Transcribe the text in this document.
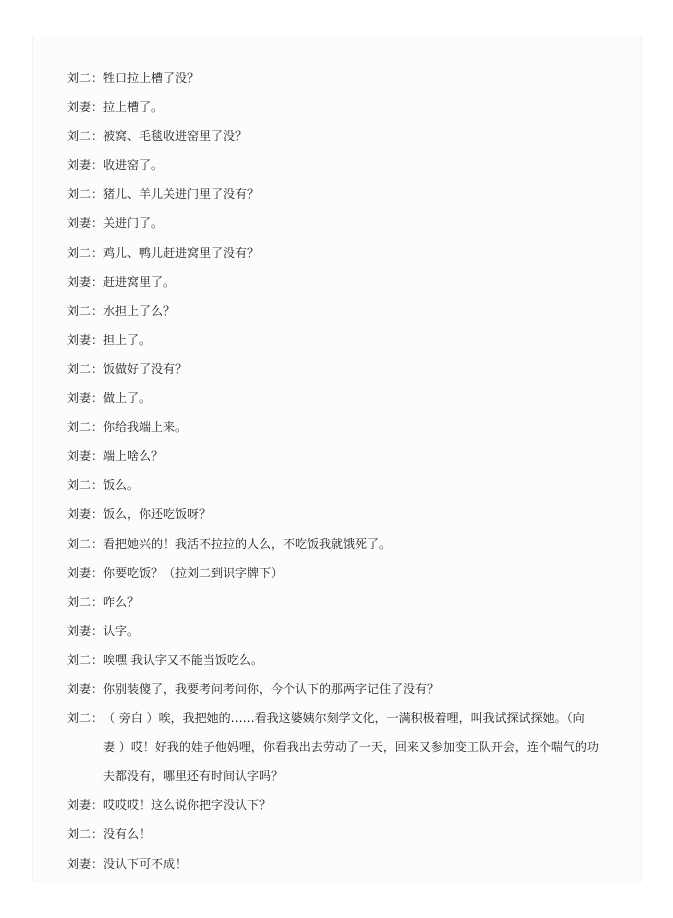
刘二： 牲口拉上槽了没？
刘妻： 拉上槽了。
刘二： 被窝、毛毯收进窑里了没？
刘妻： 收进窑了。
刘二： 猪儿、羊儿关进门里了没有？
刘妻： 关进门了。
刘二： 鸡儿、鸭儿赶进窝里了没有？
刘妻： 赶进窝里了。
刘二： 水担上了么？
刘妻： 担上了。
刘二： 饭做好了没有？
刘妻： 做上了。
刘二： 你给我端上来。
刘妻： 端上啥么？
刘二： 饭么。
刘妻： 饭么，你还吃饭呀？
刘二： 看把她兴的！我活不拉拉的人么，不吃饭我就饿死了。
刘妻： 你要吃饭？（拉刘二到识字牌下）
刘二： 咋么？
刘妻： 认字。
刘二： 唉嘿 我认字又不能当饭吃么。
刘妻： 你别装傻了，我要考问考问你，今个认下的那两字记住了没有？
刘二： （ 旁白 ）唉，我把她的……看我这婆姨尔刻学文化，一满积极着哩，叫我试探试探她。（向
妻 ）哎！好我的娃子他妈哩，你看我出去劳动了一天，回来又参加变工队开会，连个喘气的功
夫都没有，哪里还有时间认字吗？
刘妻： 哎哎哎！这么说你把字没认下？
刘二： 没有么！
刘妻： 没认下可不成！
